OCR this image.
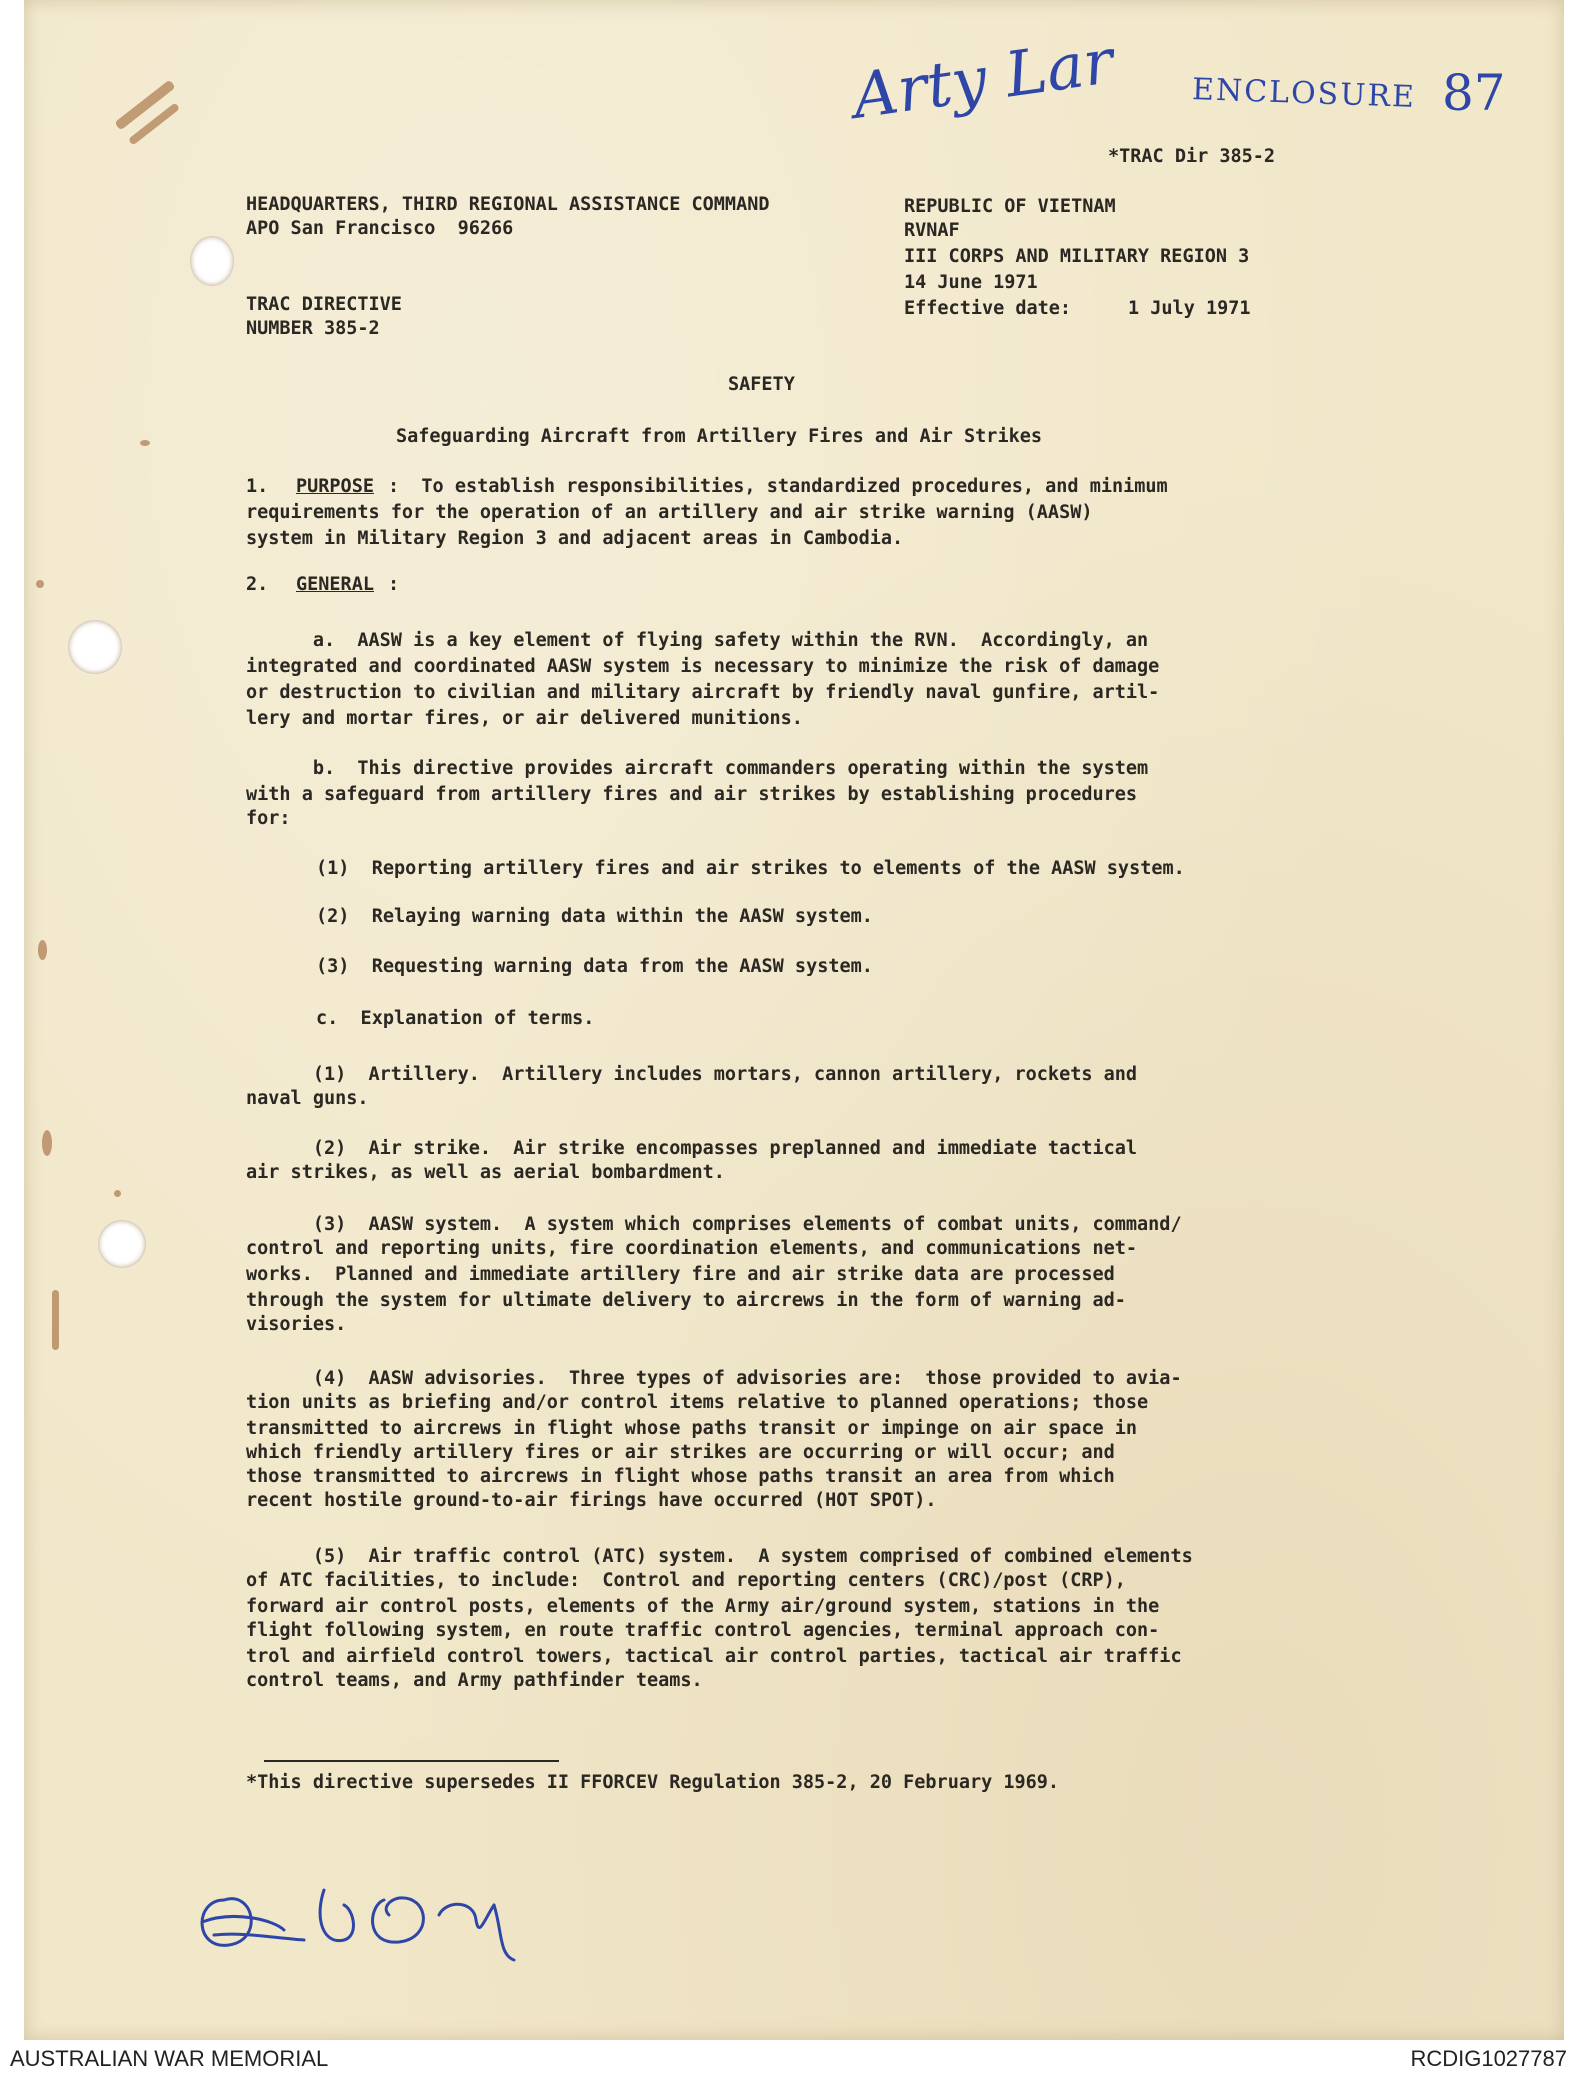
Arty Lar ENCLOSURE 87

*TRAC Dir 385-2

HEADQUARTERS, THIRD REGIONAL ASSISTANCE COMMAND

APO San Francisco  96266

REPUBLIC OF VIETNAM

RVNAF

III CORPS AND MILITARY REGION 3

14 June 1971

Effective date:	1 July 1971

TRAC DIRECTIVE

NUMBER 385-2

SAFETY

Safeguarding Aircraft from Artillery Fires and Air Strikes

1. PURPOSE :  To establish responsibilities, standardized procedures, and minimum

requirements for the operation of an artillery and air strike warning (AASW)

system in Military Region 3 and adjacent areas in Cambodia.

2. GENERAL :

a.  AASW is a key element of flying safety within the RVN.  Accordingly, an

integrated and coordinated AASW system is necessary to minimize the risk of damage

or destruction to civilian and military aircraft by friendly naval gunfire, artil-

lery and mortar fires, or air delivered munitions.

b.  This directive provides aircraft commanders operating within the system

with a safeguard from artillery fires and air strikes by establishing procedures

for:

(1)  Reporting artillery fires and air strikes to elements of the AASW system.

(2)  Relaying warning data within the AASW system.

(3)  Requesting warning data from the AASW system.

c.  Explanation of terms.

(1)  Artillery.  Artillery includes mortars, cannon artillery, rockets and

naval guns.

(2)  Air strike.  Air strike encompasses preplanned and immediate tactical

air strikes, as well as aerial bombardment.

(3)  AASW system.  A system which comprises elements of combat units, command/

control and reporting units, fire coordination elements, and communications net-

works.  Planned and immediate artillery fire and air strike data are processed

through the system for ultimate delivery to aircrews in the form of warning ad-

visories.

(4)  AASW advisories.  Three types of advisories are:  those provided to avia-

tion units as briefing and/or control items relative to planned operations; those

transmitted to aircrews in flight whose paths transit or impinge on air space in

which friendly artillery fires or air strikes are occurring or will occur; and

those transmitted to aircrews in flight whose paths transit an area from which

recent hostile ground-to-air firings have occurred (HOT SPOT).

(5)  Air traffic control (ATC) system.  A system comprised of combined elements

of ATC facilities, to include:  Control and reporting centers (CRC)/post (CRP),

forward air control posts, elements of the Army air/ground system, stations in the

flight following system, en route traffic control agencies, terminal approach con-

trol and airfield control towers, tactical air control parties, tactical air traffic

control teams, and Army pathfinder teams.

*This directive supersedes II FFORCEV Regulation 385-2, 20 February 1969.

Signature

AUSTRALIAN WAR MEMORIAL	RCDIG1027787
